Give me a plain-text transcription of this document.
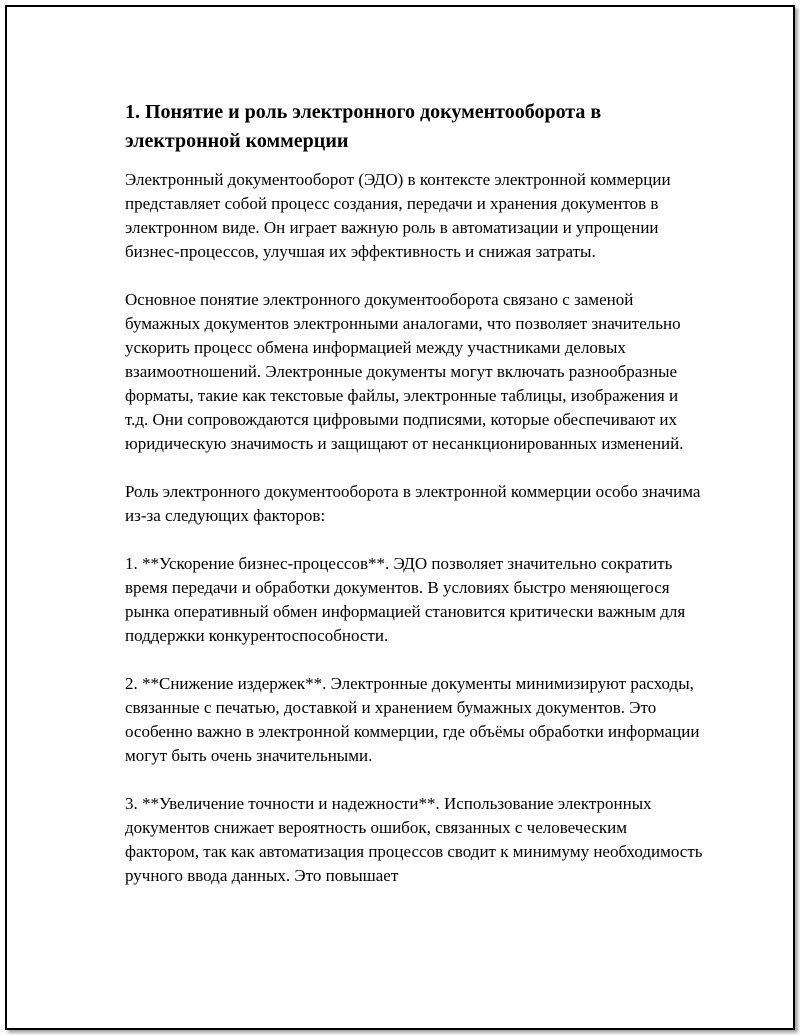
1. Понятие и роль электронного документооборота в электронной коммерции

Электронный документооборот (ЭДО) в контексте электронной коммерции представляет собой процесс создания, передачи и хранения документов в электронном виде. Он играет важную роль в автоматизации и упрощении бизнес-процессов, улучшая их эффективность и снижая затраты.

Основное понятие электронного документооборота связано с заменой бумажных документов электронными аналогами, что позволяет значительно ускорить процесс обмена информацией между участниками деловых взаимоотношений. Электронные документы могут включать разнообразные форматы, такие как текстовые файлы, электронные таблицы, изображения и т.д. Они сопровождаются цифровыми подписями, которые обеспечивают их юридическую значимость и защищают от несанкционированных изменений.

Роль электронного документооборота в электронной коммерции особо значима из-за следующих факторов:

1. **Ускорение бизнес-процессов**. ЭДО позволяет значительно сократить время передачи и обработки документов. В условиях быстро меняющегося рынка оперативный обмен информацией становится критически важным для поддержки конкурентоспособности.

2. **Снижение издержек**. Электронные документы минимизируют расходы, связанные с печатью, доставкой и хранением бумажных документов. Это особенно важно в электронной коммерции, где объёмы обработки информации могут быть очень значительными.

3. **Увеличение точности и надежности**. Использование электронных документов снижает вероятность ошибок, связанных с человеческим фактором, так как автоматизация процессов сводит к минимуму необходимость ручного ввода данных. Это повышает
